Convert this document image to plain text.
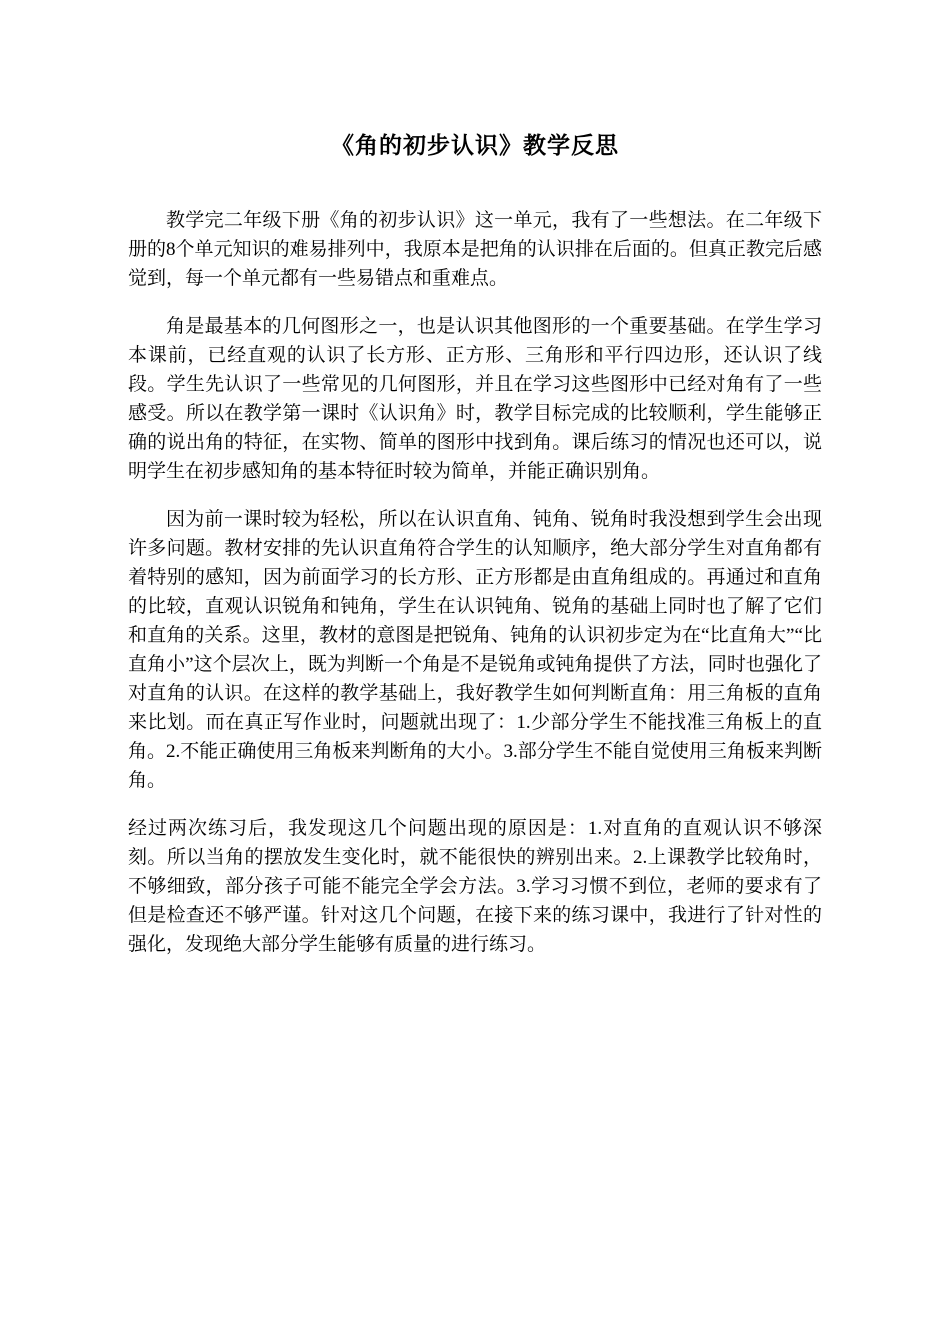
《角的初步认识》教学反思

教学完二年级下册《角的初步认识》这一单元，我有了一些想法。在二年级下册的8个单元知识的难易排列中，我原本是把角的认识排在后面的。但真正教完后感觉到，每一个单元都有一些易错点和重难点。

角是最基本的几何图形之一，也是认识其他图形的一个重要基础。在学生学习本课前，已经直观的认识了长方形、正方形、三角形和平行四边形，还认识了线段。学生先认识了一些常见的几何图形，并且在学习这些图形中已经对角有了一些感受。所以在教学第一课时《认识角》时，教学目标完成的比较顺利，学生能够正确的说出角的特征，在实物、简单的图形中找到角。课后练习的情况也还可以，说明学生在初步感知角的基本特征时较为简单，并能正确识别角。

因为前一课时较为轻松，所以在认识直角、钝角、锐角时我没想到学生会出现许多问题。教材安排的先认识直角符合学生的认知顺序，绝大部分学生对直角都有着特别的感知，因为前面学习的长方形、正方形都是由直角组成的。再通过和直角的比较，直观认识锐角和钝角，学生在认识钝角、锐角的基础上同时也了解了它们和直角的关系。这里，教材的意图是把锐角、钝角的认识初步定为在“比直角大”“比直角小”这个层次上，既为判断一个角是不是锐角或钝角提供了方法，同时也强化了对直角的认识。在这样的教学基础上，我好教学生如何判断直角：用三角板的直角来比划。而在真正写作业时，问题就出现了：1.少部分学生不能找准三角板上的直角。2.不能正确使用三角板来判断角的大小。3.部分学生不能自觉使用三角板来判断角。

经过两次练习后，我发现这几个问题出现的原因是：1.对直角的直观认识不够深刻。所以当角的摆放发生变化时，就不能很快的辨别出来。2.上课教学比较角时，不够细致，部分孩子可能不能完全学会方法。3.学习习惯不到位，老师的要求有了但是检查还不够严谨。针对这几个问题，在接下来的练习课中，我进行了针对性的强化，发现绝大部分学生能够有质量的进行练习。
